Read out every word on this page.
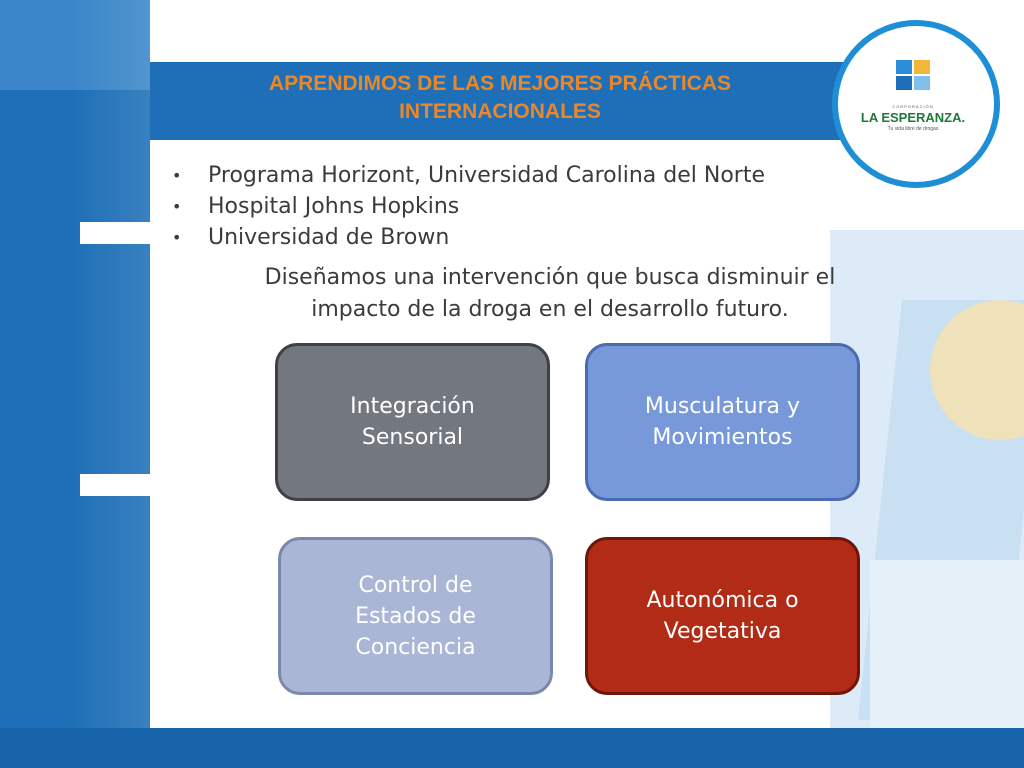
CORPORACIÓN
LA ESPERANZA.
Tu vida libre de drogas
APRENDIMOS DE LAS MEJORES PRÁCTICAS
INTERNACIONALES
• Programa Horizont, Universidad Carolina del Norte
• Hospital Johns Hopkins
• Universidad de Brown
Diseñamos una intervención que busca disminuir el
impacto de la droga en el desarrollo futuro.
Integración
Sensorial
Musculatura y
Movimientos
Control de
Estados de
Conciencia
Autonómica o
Vegetativa
